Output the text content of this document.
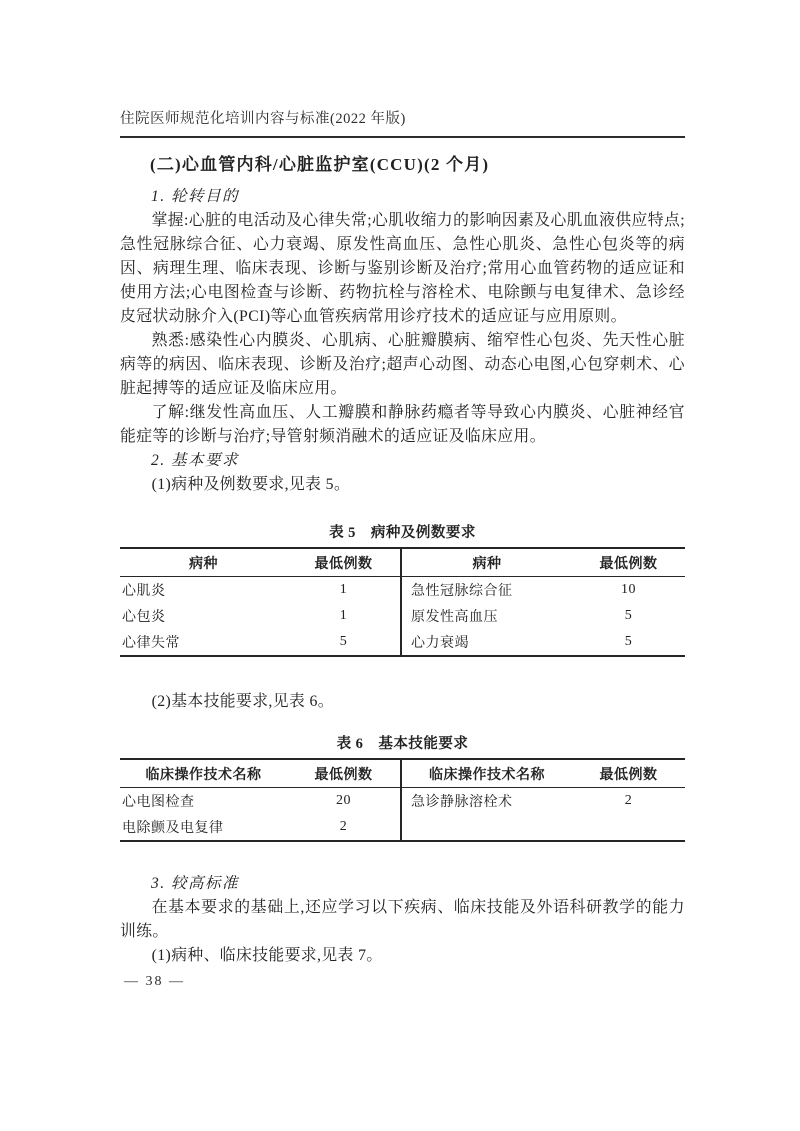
住院医师规范化培训内容与标准(2022 年版)
(二)心血管内科/心脏监护室(CCU)(2 个月)
1. 轮转目的

掌握:心脏的电活动及心律失常;心肌收缩力的影响因素及心肌血液供应特点;急性冠脉综合征、心力衰竭、原发性高血压、急性心肌炎、急性心包炎等的病因、病理生理、临床表现、诊断与鉴别诊断及治疗;常用心血管药物的适应证和使用方法;心电图检查与诊断、药物抗栓与溶栓术、电除颤与电复律术、急诊经皮冠状动脉介入(PCI)等心血管疾病常用诊疗技术的适应证与应用原则。

熟悉:感染性心内膜炎、心肌病、心脏瓣膜病、缩窄性心包炎、先天性心脏病等的病因、临床表现、诊断及治疗;超声心动图、动态心电图,心包穿刺术、心脏起搏等的适应证及临床应用。

了解:继发性高血压、人工瓣膜和静脉药瘾者等导致心内膜炎、心脏神经官能症等的诊断与治疗;导管射频消融术的适应证及临床应用。

2. 基本要求

(1)病种及例数要求,见表 5。

表 5　病种及例数要求
病种	最低例数	病种	最低例数
心肌炎	1	急性冠脉综合征	10
心包炎	1	原发性高血压	5
心律失常	5	心力衰竭	5

(2)基本技能要求,见表 6。

表 6　基本技能要求
临床操作技术名称	最低例数	临床操作技术名称	最低例数
心电图检查	20	急诊静脉溶栓术	2
电除颤及电复律	2
3. 较高标准

在基本要求的基础上,还应学习以下疾病、临床技能及外语科研教学的能力训练。

(1)病种、临床技能要求,见表 7。

— 38 —
